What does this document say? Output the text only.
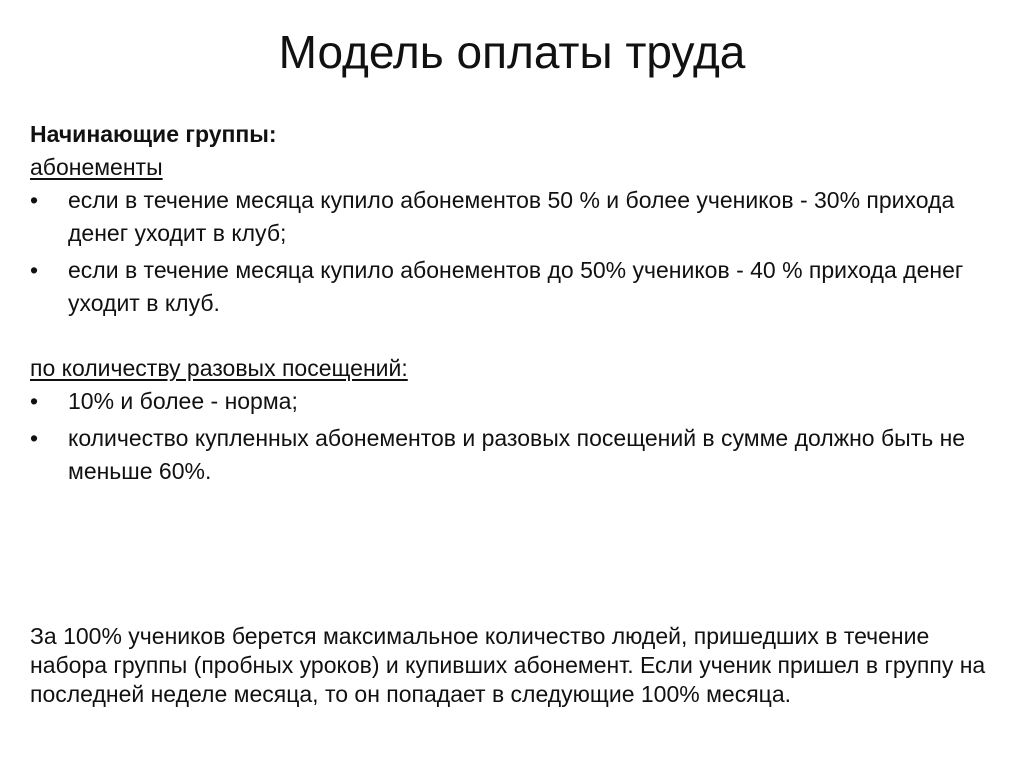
Модель оплаты труда

Начинающие группы:

абонементы

• если в течение месяца купило абонементов 50 % и более учеников - 30% прихода денег уходит в клуб;
• если в течение месяца купило абонементов до 50% учеников - 40 % прихода денег уходит в клуб.

по количеству разовых посещений:

• 10% и более - норма;
• количество купленных абонементов и разовых посещений в сумме должно быть не меньше 60%.

За 100% учеников берется максимальное количество людей, пришедших в течение набора группы (пробных уроков) и купивших абонемент. Если ученик пришел в группу на последней неделе месяца, то он попадает в следующие 100% месяца.
